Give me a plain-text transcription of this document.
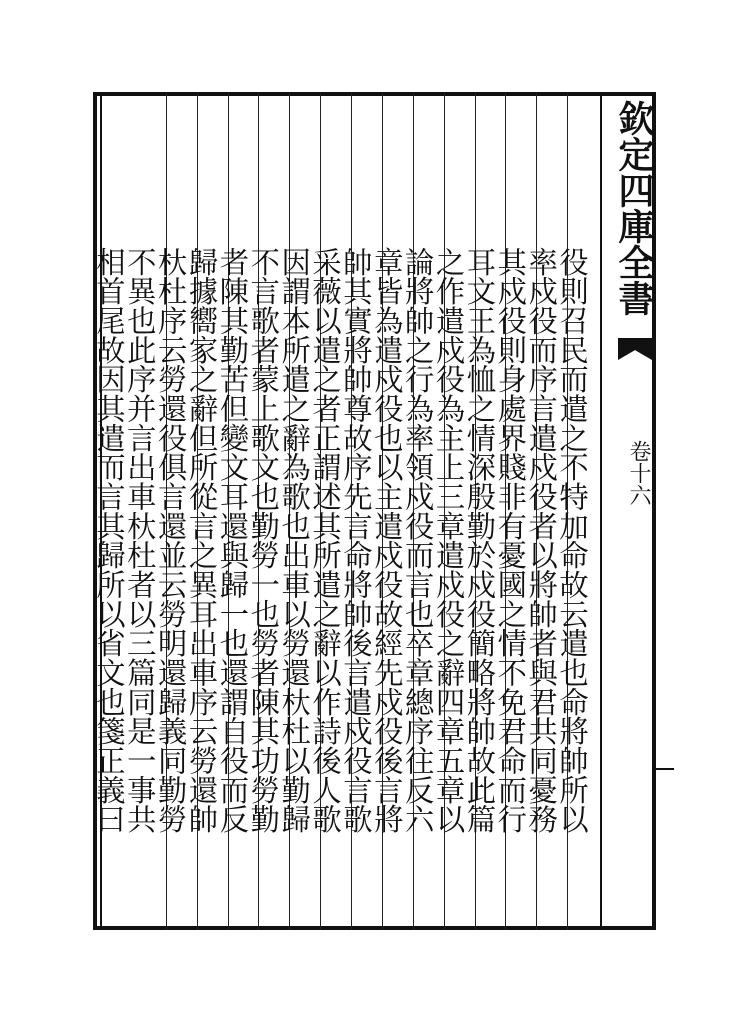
役則召民而遣之不特加命故云遣也命將帥所以
率戍役而序言遣戍役者以將帥者與君共同憂務
其戍役則身處界賤非有憂國之情不免君命而行
耳文王為恤之情深殷勤於戍役簡略將帥故此篇
之作遣戍役為主上三章遣戍役之辭四章五章以
論將帥之行為率領戍役而言也卒章總序往反六
章皆為遣戍役也以主遣戍役故經先戍役後言將
帥其實將帥尊故序先言命將帥後言遣戍役言歌
采薇以遣之者正謂述其所遣之辭以作詩後人歌
因謂本所遣之辭為歌也出車以勞還杕杜以勤歸
不言歌者蒙上歌文也勤勞一也勞者陳其功勞勤
者陳其勤苦但變文耳還與歸一也還謂自役而反
歸據嚮家之辭但所從言之異耳出車序云勞還帥
杕杜序云勞還役俱言還並云勞明還歸義同勤勞
不異也此序并言出車杕杜者以三篇同是一事共
相首尾故因其遣而言其歸所以省文也箋正義曰
欽定四庫全書
卷十六
